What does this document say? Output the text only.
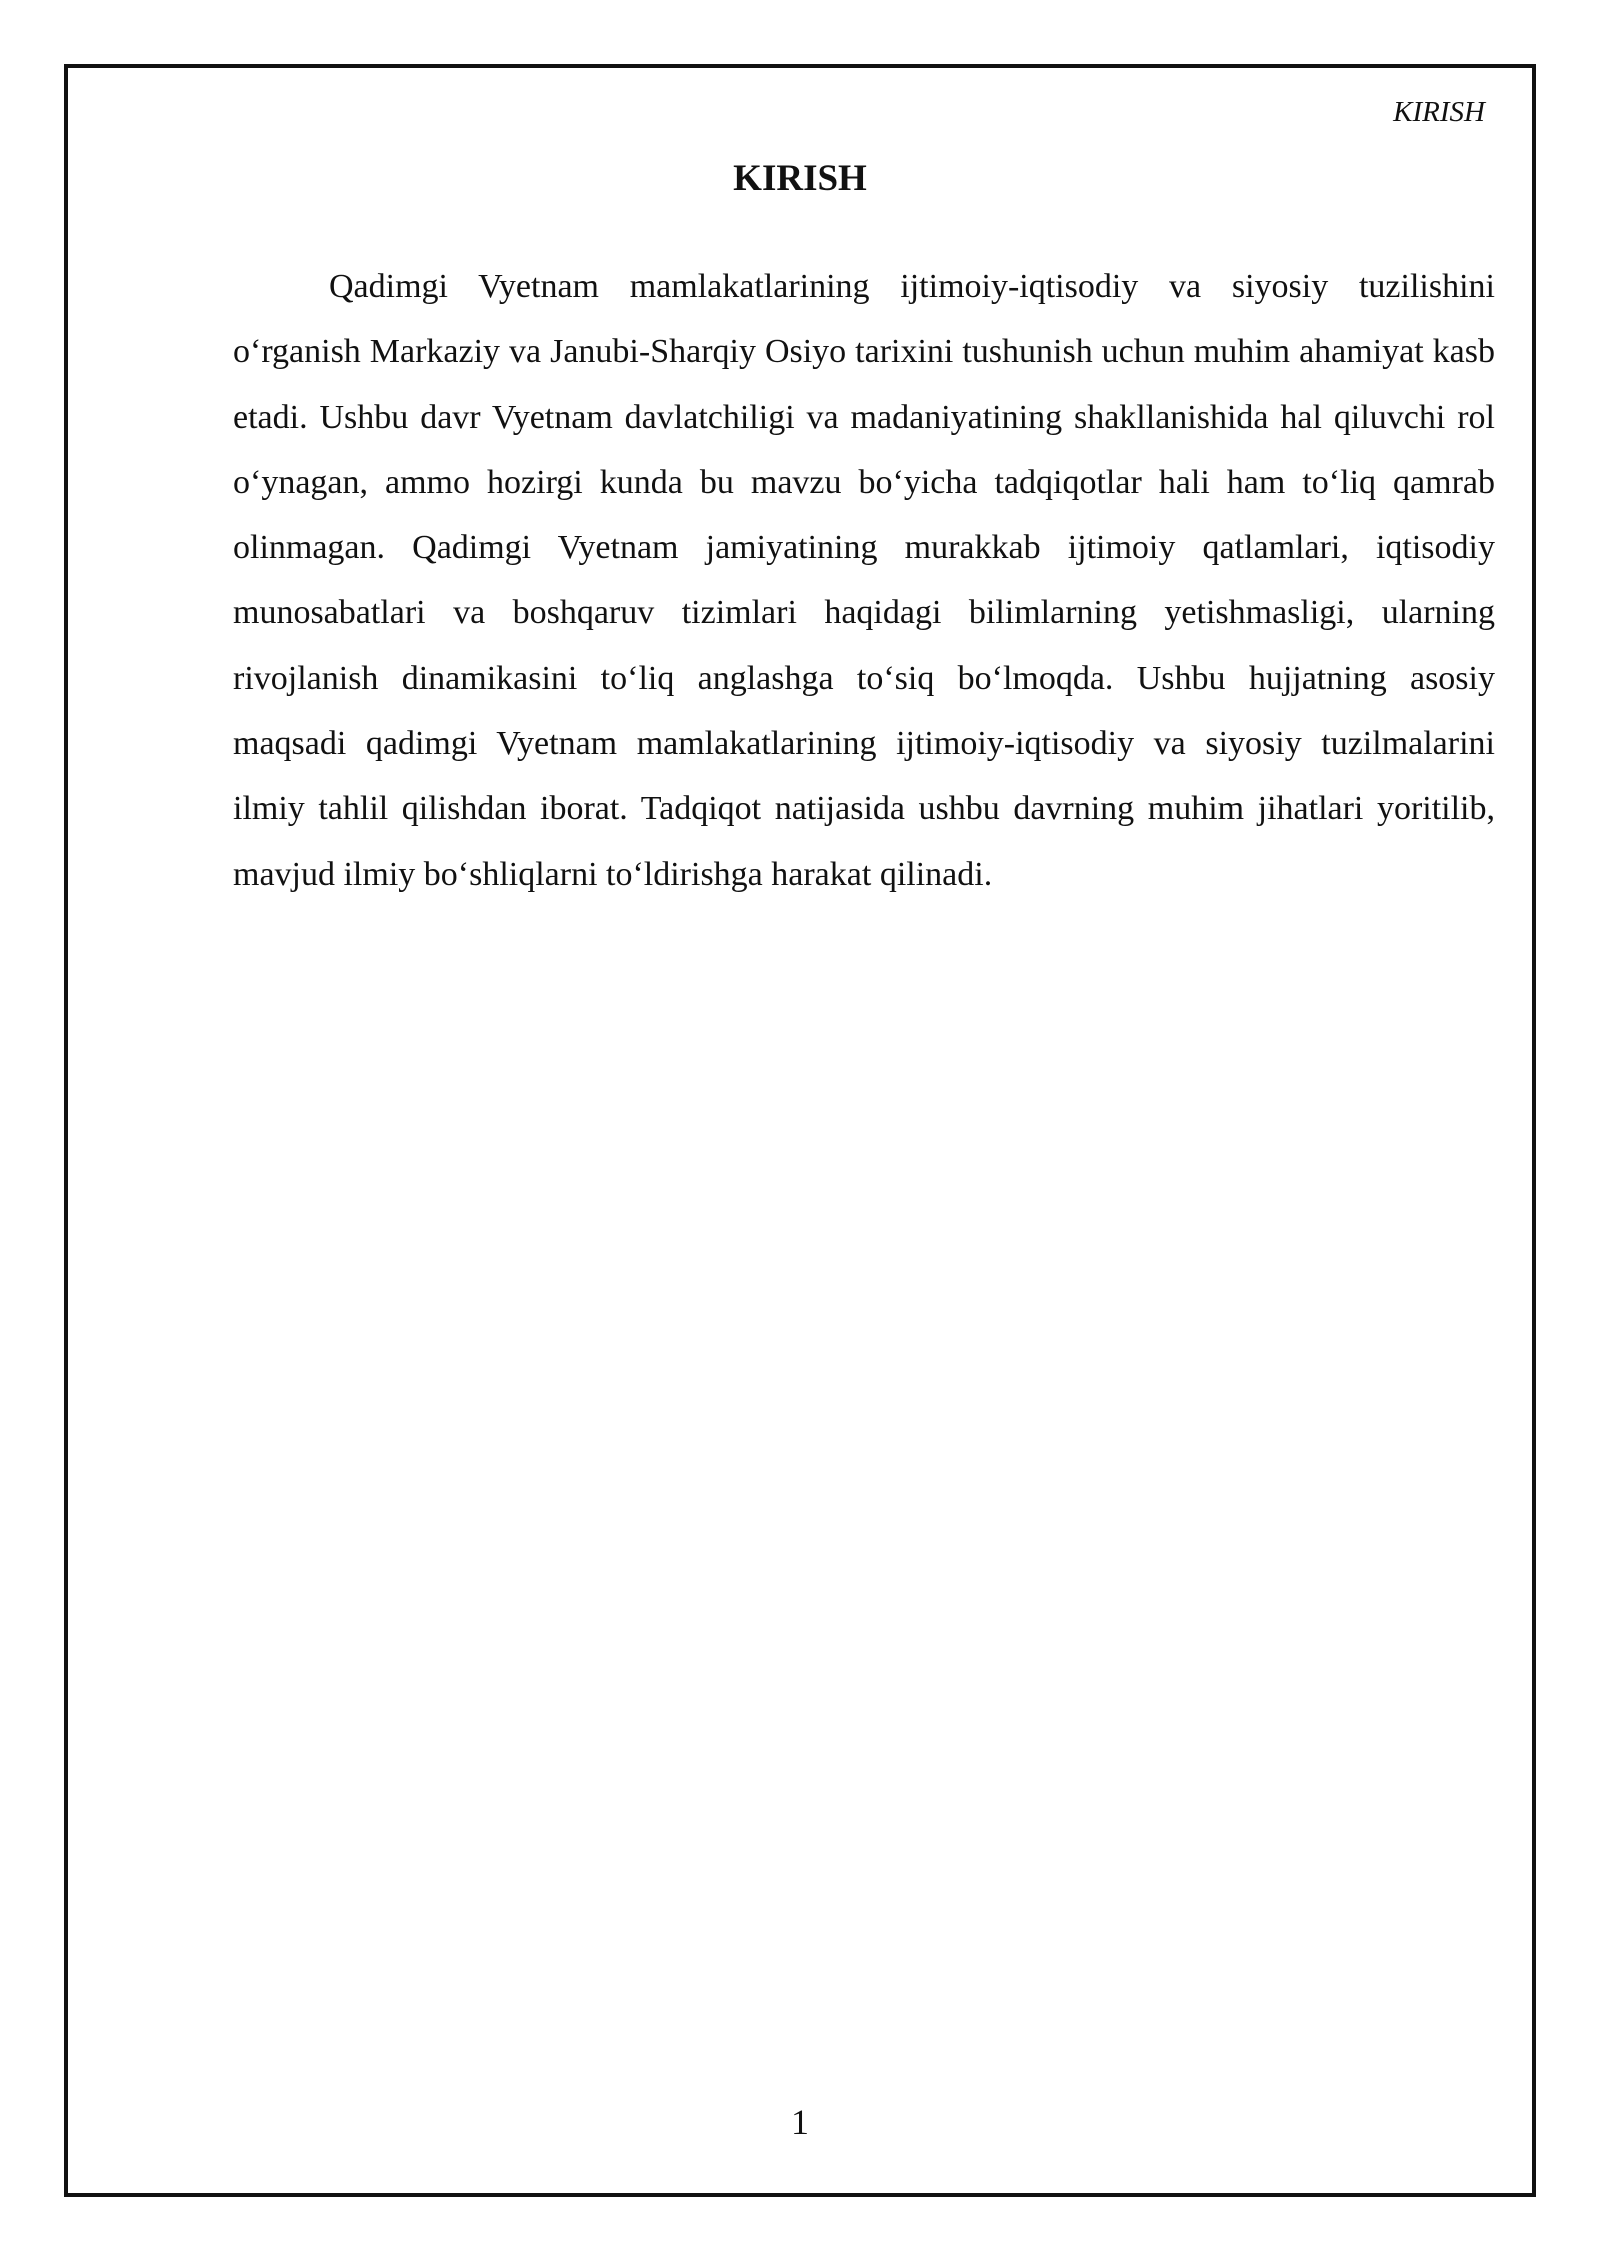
KIRISH
KIRISH

Qadimgi Vyetnam mamlakatlarining ijtimoiy-iqtisodiy va siyosiy tuzilishini o‘rganish Markaziy va Janubi-Sharqiy Osiyo tarixini tushunish uchun muhim ahamiyat kasb etadi. Ushbu davr Vyetnam davlatchiligi va madaniyatining shakllanishida hal qiluvchi rol o‘ynagan, ammo hozirgi kunda bu mavzu bo‘yicha tadqiqotlar hali ham to‘liq qamrab olinmagan. Qadimgi Vyetnam jamiyatining murakkab ijtimoiy qatlamlari, iqtisodiy munosabatlari va boshqaruv tizimlari haqidagi bilimlarning yetishmasligi, ularning rivojlanish dinamikasini to‘liq anglashga to‘siq bo‘lmoqda. Ushbu hujjatning asosiy maqsadi qadimgi Vyetnam mamlakatlarining ijtimoiy-iqtisodiy va siyosiy tuzilmalarini ilmiy tahlil qilishdan iborat. Tadqiqot natijasida ushbu davrning muhim jihatlari yoritilib, mavjud ilmiy bo‘shliqlarni to‘ldirishga harakat qilinadi.

1
